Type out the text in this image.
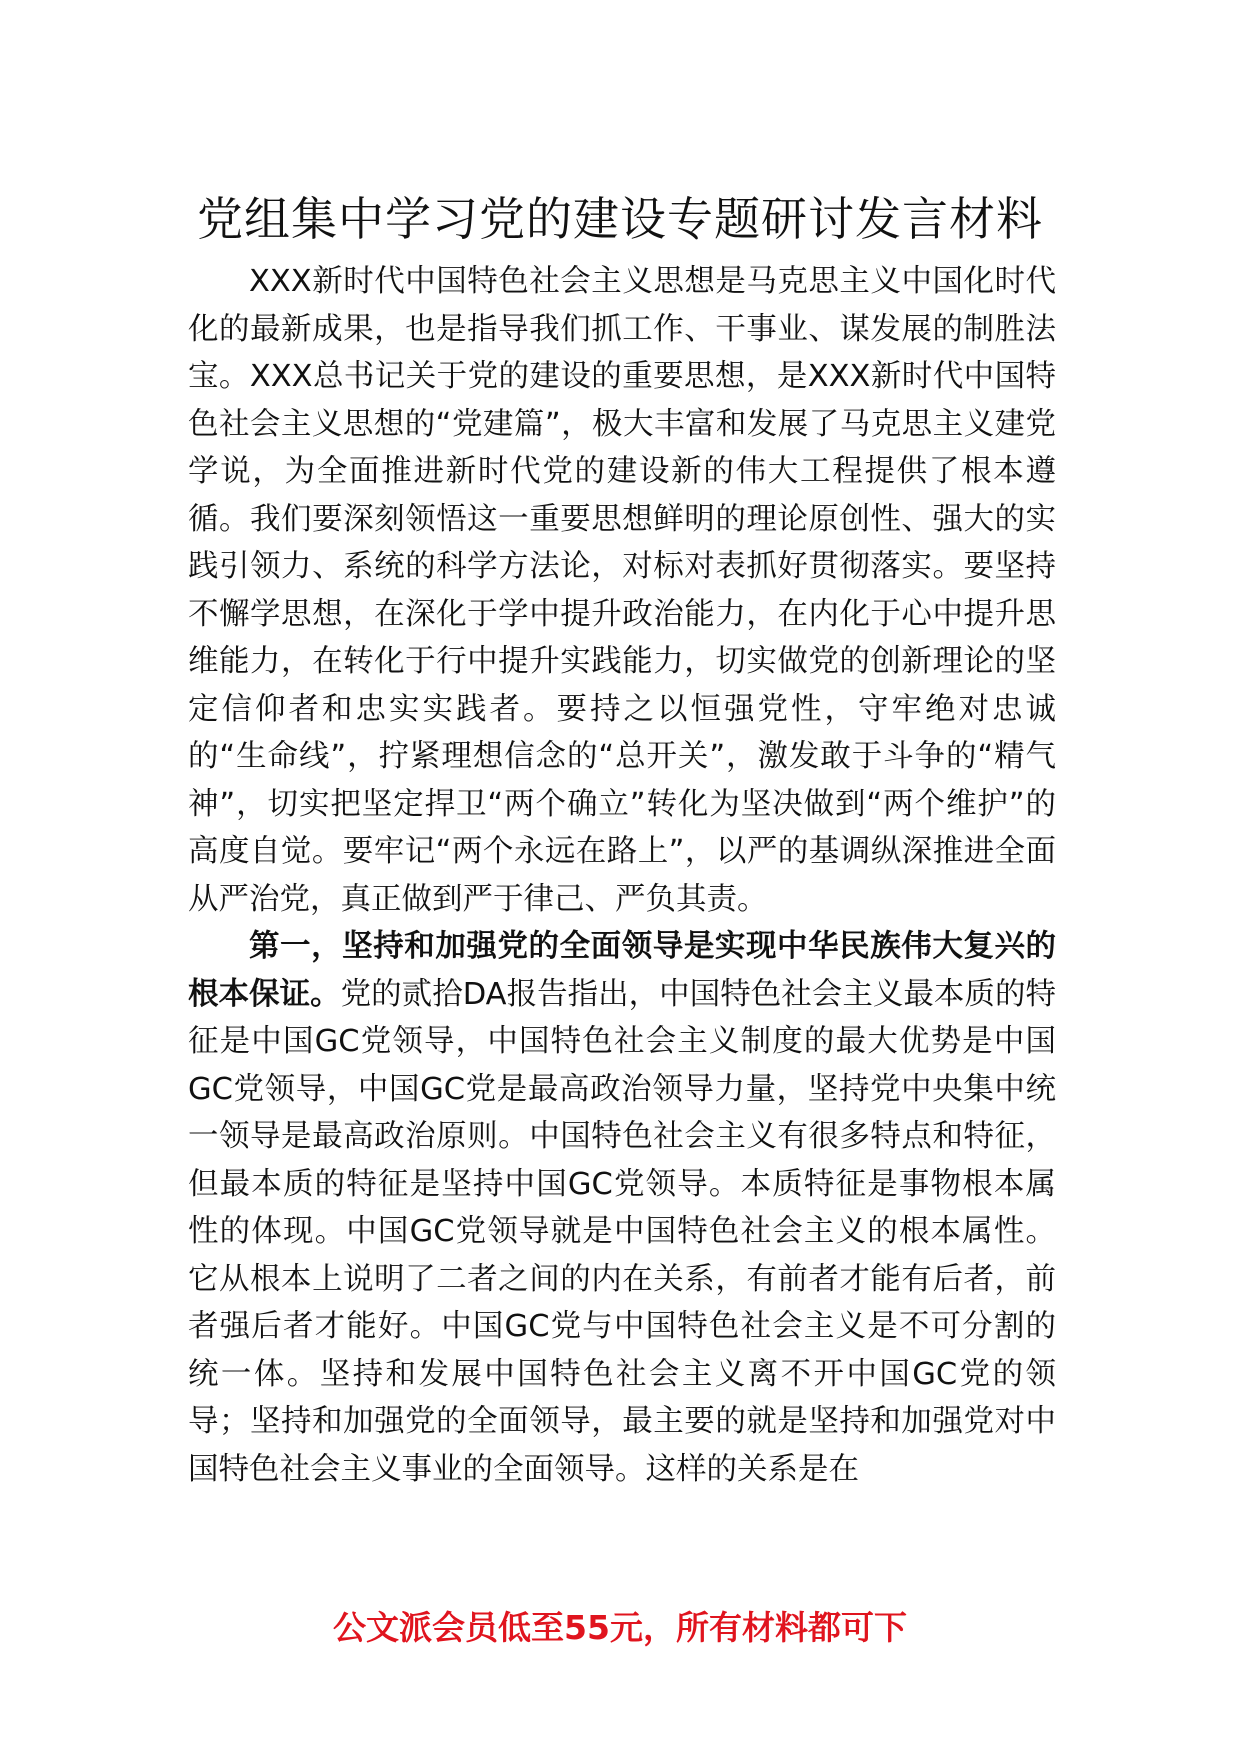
党组集中学习党的建设专题研讨发言材料

XXX新时代中国特色社会主义思想是马克思主义中国化时代化的最新成果，也是指导我们抓工作、干事业、谋发展的制胜法宝。XXX总书记关于党的建设的重要思想，是XXX新时代中国特色社会主义思想的“党建篇”，极大丰富和发展了马克思主义建党学说，为全面推进新时代党的建设新的伟大工程提供了根本遵循。我们要深刻领悟这一重要思想鲜明的理论原创性、强大的实践引领力、系统的科学方法论，对标对表抓好贯彻落实。要坚持不懈学思想，在深化于学中提升政治能力，在内化于心中提升思维能力，在转化于行中提升实践能力，切实做党的创新理论的坚定信仰者和忠实实践者。要持之以恒强党性，守牢绝对忠诚的“生命线”，拧紧理想信念的“总开关”，激发敢于斗争的“精气神”，切实把坚定捍卫“两个确立”转化为坚决做到“两个维护”的高度自觉。要牢记“两个永远在路上”，以严的基调纵深推进全面从严治党，真正做到严于律己、严负其责。

第一，坚持和加强党的全面领导是实现中华民族伟大复兴的根本保证。党的贰拾DA报告指出，中国特色社会主义最本质的特征是中国GC党领导，中国特色社会主义制度的最大优势是中国GC党领导，中国GC党是最高政治领导力量，坚持党中央集中统一领导是最高政治原则。中国特色社会主义有很多特点和特征，但最本质的特征是坚持中国GC党领导。本质特征是事物根本属性的体现。中国GC党领导就是中国特色社会主义的根本属性。它从根本上说明了二者之间的内在关系，有前者才能有后者，前者强后者才能好。中国GC党与中国特色社会主义是不可分割的统一体。坚持和发展中国特色社会主义离不开中国GC党的领导；坚持和加强党的全面领导，最主要的就是坚持和加强党对中国特色社会主义事业的全面领导。这样的关系是在

公文派会员低至55元，所有材料都可下
